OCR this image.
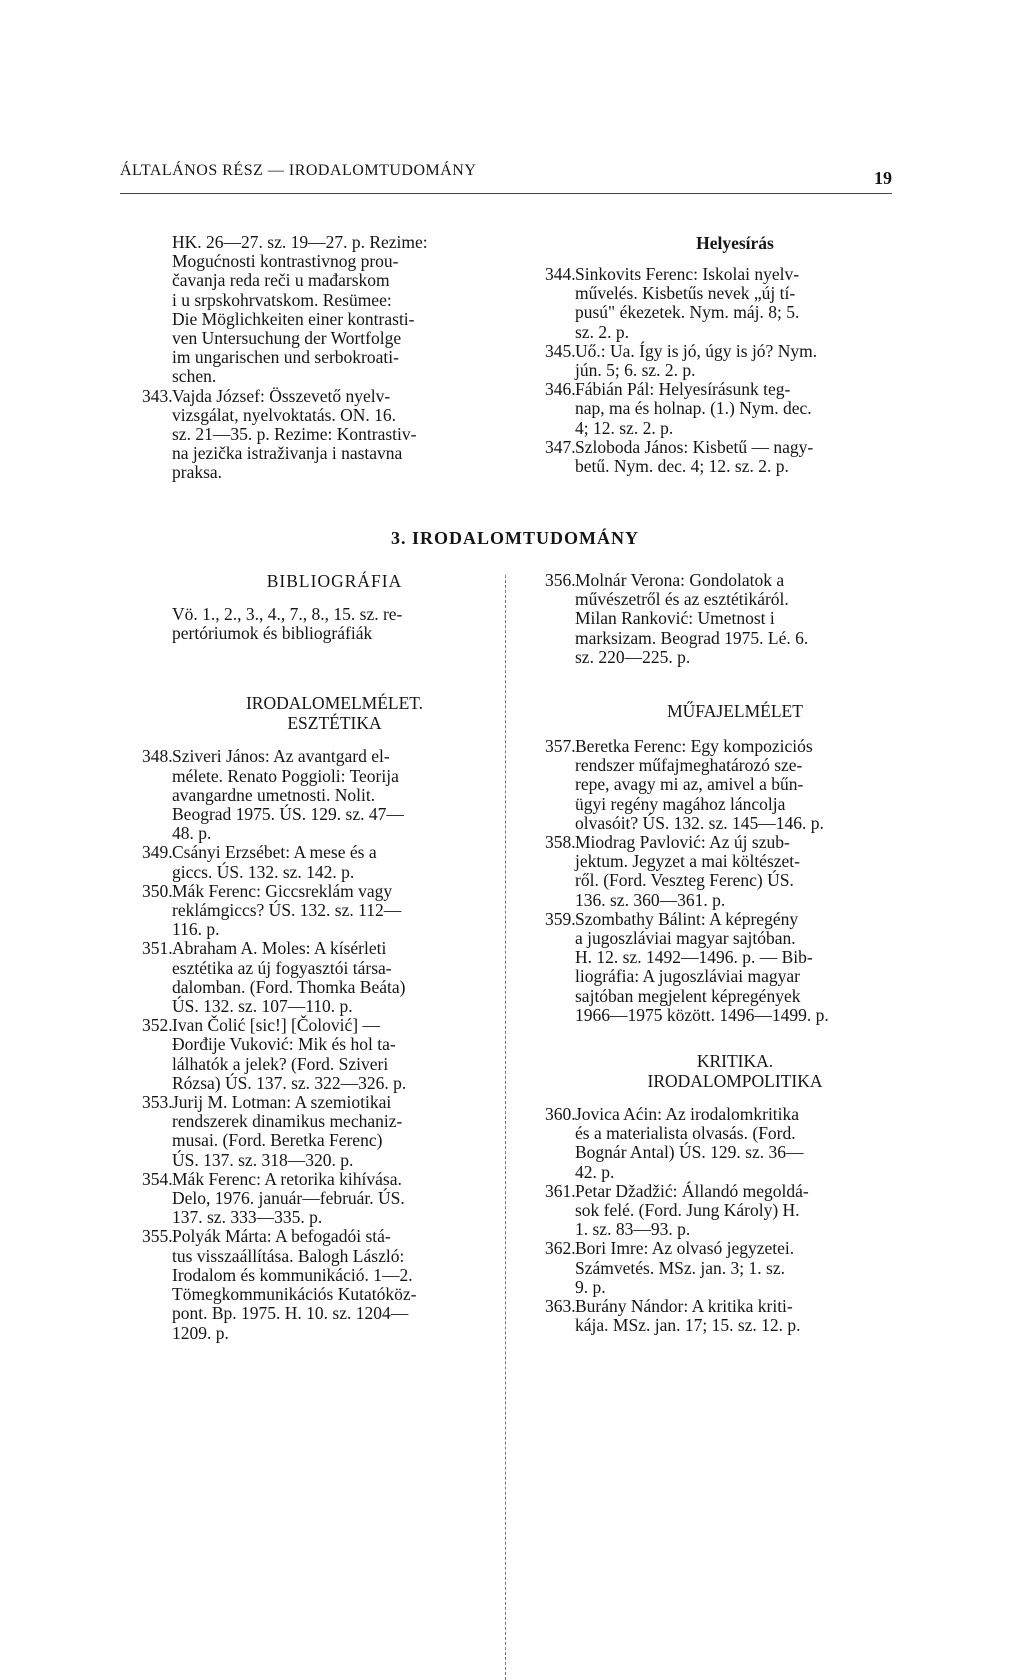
ÁLTALÁNOS RÉSZ — IRODALOMTUDOMÁNY	19
HK. 26—27. sz. 19—27. p. Rezime:
Mogućnosti kontrastivnog prou-
čavanja reda reči u mađarskom
i u srpskohrvatskom. Resümee:
Die Möglichkeiten einer kontrasti-
ven Untersuchung der Wortfolge
im ungarischen und serbokroati-
schen.
343. Vajda József: Összevető nyelv-
vizsgálat, nyelvoktatás. ON. 16.
sz. 21—35. p. Rezime: Kontrastiv-
na jezička istraživanja i nastavna
praksa.
Helyesírás
344. Sinkovits Ferenc: Iskolai nyelv-
művelés. Kisbetűs nevek „új tí-
pusú" ékezetek. Nym. máj. 8; 5.
sz. 2. p.
345. Uő.: Ua. Így is jó, úgy is jó? Nym.
jún. 5; 6. sz. 2. p.
346. Fábián Pál: Helyesírásunk teg-
nap, ma és holnap. (1.) Nym. dec.
4; 12. sz. 2. p.
347. Szloboda János: Kisbetű — nagy-
betű. Nym. dec. 4; 12. sz. 2. p.
3. IRODALOMTUDOMÁNY
BIBLIOGRÁFIA
Vö. 1., 2., 3., 4., 7., 8., 15. sz. re-
pertóriumok és bibliográfiák
IRODALOMELMÉLET.
ESZTÉTIKA
348. Sziveri János: Az avantgard el-
mélete. Renato Poggioli: Teorija
avangardne umetnosti. Nolit.
Beograd 1975. ÚS. 129. sz. 47—
48. p.
349. Csányi Erzsébet: A mese és a
giccs. ÚS. 132. sz. 142. p.
350. Mák Ferenc: Giccsreklám vagy
reklámgiccs? ÚS. 132. sz. 112—
116. p.
351. Abraham A. Moles: A kísérleti
esztétika az új fogyasztói társa-
dalomban. (Ford. Thomka Beáta)
ÚS. 132. sz. 107—110. p.
352. Ivan Čolić [sic!] [Čolović] —
Đorđije Vuković: Mik és hol ta-
lálhatók a jelek? (Ford. Sziveri
Rózsa) ÚS. 137. sz. 322—326. p.
353. Jurij M. Lotman: A szemiotikai
rendszerek dinamikus mechaniz-
musai. (Ford. Beretka Ferenc)
ÚS. 137. sz. 318—320. p.
354. Mák Ferenc: A retorika kihívása.
Delo, 1976. január—február. ÚS.
137. sz. 333—335. p.
355. Polyák Márta: A befogadói stá-
tus visszaállítása. Balogh László:
Irodalom és kommunikáció. 1—2.
Tömegkommunikációs Kutatóköz-
pont. Bp. 1975. H. 10. sz. 1204—
1209. p.
356. Molnár Verona: Gondolatok a
művészetről és az esztétikáról.
Milan Ranković: Umetnost i
marksizam. Beograd 1975. Lé. 6.
sz. 220—225. p.
MŰFAJELMÉLET
357. Beretka Ferenc: Egy kompoziciós
rendszer műfajmeghatározó sze-
repe, avagy mi az, amivel a bűn-
ügyi regény magához láncolja
olvasóit? ÚS. 132. sz. 145—146. p.
358. Miodrag Pavlović: Az új szub-
jektum. Jegyzet a mai költészet-
ről. (Ford. Veszteg Ferenc) ÚS.
136. sz. 360—361. p.
359. Szombathy Bálint: A képregény
a jugoszláviai magyar sajtóban.
H. 12. sz. 1492—1496. p. — Bib-
liográfia: A jugoszláviai magyar
sajtóban megjelent képregények
1966—1975 között. 1496—1499. p.
KRITIKA.
IRODALOMPOLITIKA
360. Jovica Aćin: Az irodalomkritika
és a materialista olvasás. (Ford.
Bognár Antal) ÚS. 129. sz. 36—
42. p.
361. Petar Džadžić: Állandó megoldá-
sok felé. (Ford. Jung Károly) H.
1. sz. 83—93. p.
362. Bori Imre: Az olvasó jegyzetei.
Számvetés. MSz. jan. 3; 1. sz.
9. p.
363. Burány Nándor: A kritika kriti-
kája. MSz. jan. 17; 15. sz. 12. p.
